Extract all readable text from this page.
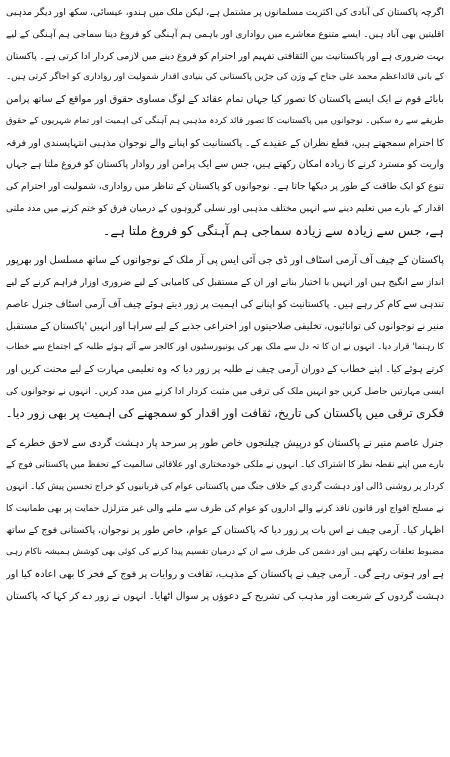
اگرچہ پاکستان کی آبادی کی اکثریت مسلمانوں پر مشتمل ہے، لیکن ملک میں ہندو، عیسائی، سکھ اور دیگر مذہبی
اقلیتیں بھی آباد ہیں۔ ایسے متنوع معاشرے میں رواداری اور باہمی ہم آہنگی کو فروغ دینا سماجی ہم آہنگی کے لیے
بہت ضروری ہے اور پاکستانیت بین الثقافتی تفہیم اور احترام کو فروغ دینے میں لازمی کردار ادا کرتی ہے۔ پاکستان
کے بانی قائداعظم محمد علی جناح کے وژن کی جڑیں پاکستانی کی بنیادی اقدار شمولیت اور رواداری کو اجاگر کرتی ہیں۔
بابائے قوم نے ایک ایسے پاکستان کا تصور کیا جہاں تمام عقائد کے لوگ مساوی حقوق اور مواقع کے ساتھ پرامن
طریقے سے رہ سکیں۔ نوجوانوں میں پاکستانیت کا تصور قائد کردہ مذہبی ہم آہنگی کی اہمیت اور تمام شہریوں کے حقوق
کا احترام سمجھتے ہیں، قطع نظران کے عقیدے کے۔ پاکستانیت کو اپنانے والے نوجوان مذہبی انتہاپسندی اور فرقہ
واریت کو مسترد کرنے کا زیادہ امکان رکھتے ہیں، جس سے ایک پرامن اور روادار پاکستان کو فروغ ملتا ہے جہاں
تنوع کو ایک طاقت کے طور پر دیکھا جاتا ہے۔ نوجوانوں کو پاکستان کے تناظر میں رواداری، شمولیت اور احترام کی
اقدار کے بارے میں تعلیم دینے سے انہیں مختلف مذہبی اور نسلی گروہوں کے درمیان فرق کو ختم کرنے میں مدد ملتی
ہے، جس سے زیادہ سے زیادہ سماجی ہم آہنگی کو فروغ ملتا ہے۔
پاکستان کے چیف آف آرمی اسٹاف اور ڈی جی آئی ایس پی آر ملک کے نوجوانوں کے ساتھ مسلسل اور بھرپور
انداز سے انگیج ہیں اور انہیں با اختیار بنانے اور ان کے مستقبل کی کامیابی کے لیے ضروری اوزار فراہم کرنے کے لیے
تندہی سے کام کر رہے ہیں۔ پاکستانیت کو اپنانے کی اہمیت پر زور دیتے ہوئے چیف آف آرمی اسٹاف جنرل عاصم
منیر نے نوجوانوں کی توانائیوں، تخلیقی صلاحیتوں اور اختراعی جذبے کے لیے سراہا اور انہیں 'پاکستان کے مستقبل
کا رہنما' قرار دیا۔ انہوں نے ان کا تہ دل سے ملک بھر کی یونیورسٹیوں اور کالجز سے آئے ہوئے طلبہ کے اجتماع سے خطاب
کرتے ہوئے کیا۔ اپنے خطاب کے دوران آرمی چیف نے طلبہ پر زور دیا کہ وہ تعلیمی مہارت کے لیے محنت کریں اور
ایسی مہارتیں حاصل کریں جو انہیں ملک کی ترقی میں مثبت کردار ادا کرنے میں مدد کریں۔ انہوں نے نوجوانوں کی
فکری ترقی میں پاکستان کی تاریخ، ثقافت اور اقدار کو سمجھنے کی اہمیت پر بھی زور دیا۔
جنرل عاصم منیر نے پاکستان کو درپیش چیلنجوں خاص طور پر سرحد پار دہشت گردی سے لاحق خطرے کے
بارے میں اپنے نقطہ نظر کا اشتراک کیا۔ انہوں نے ملکی خودمختاری اور علاقائی سالمیت کے تحفظ میں پاکستانی فوج کے
کردار پر روشنی ڈالی اور دہشت گردی کے خلاف جنگ میں پاکستانی عوام کی قربانیوں کو خراج تحسین پیش کیا۔ انہوں
نے مسلح افواج اور قانون نافذ کرنے والے اداروں کو عوام کی طرف سے ملنے والی غیر متزلزل حمایت پر بھی طمانیت کا
اظہار کیا۔ آرمی چیف نے اس بات پر زور دیا کہ پاکستان کے عوام، خاص طور پر نوجوان، پاکستانی فوج کے ساتھ
مضبوط تعلقات رکھتے ہیں اور دشمن کی طرف سے ان کے درمیان تقسیم پیدا کرنے کی کوئی بھی کوشش ہمیشہ ناکام رہی
ہے اور ہوتی رہے گی۔ آرمی چیف نے پاکستان کے مذہب، ثقافت و روایات پر فوج کے فخر کا بھی اعادہ کیا اور
دہشت گردوں کے شریعت اور مذہب کی تشریح کے دعوؤں پر سوال اٹھایا۔ انہوں نے زور دے کر کہا کہ پاکستان
